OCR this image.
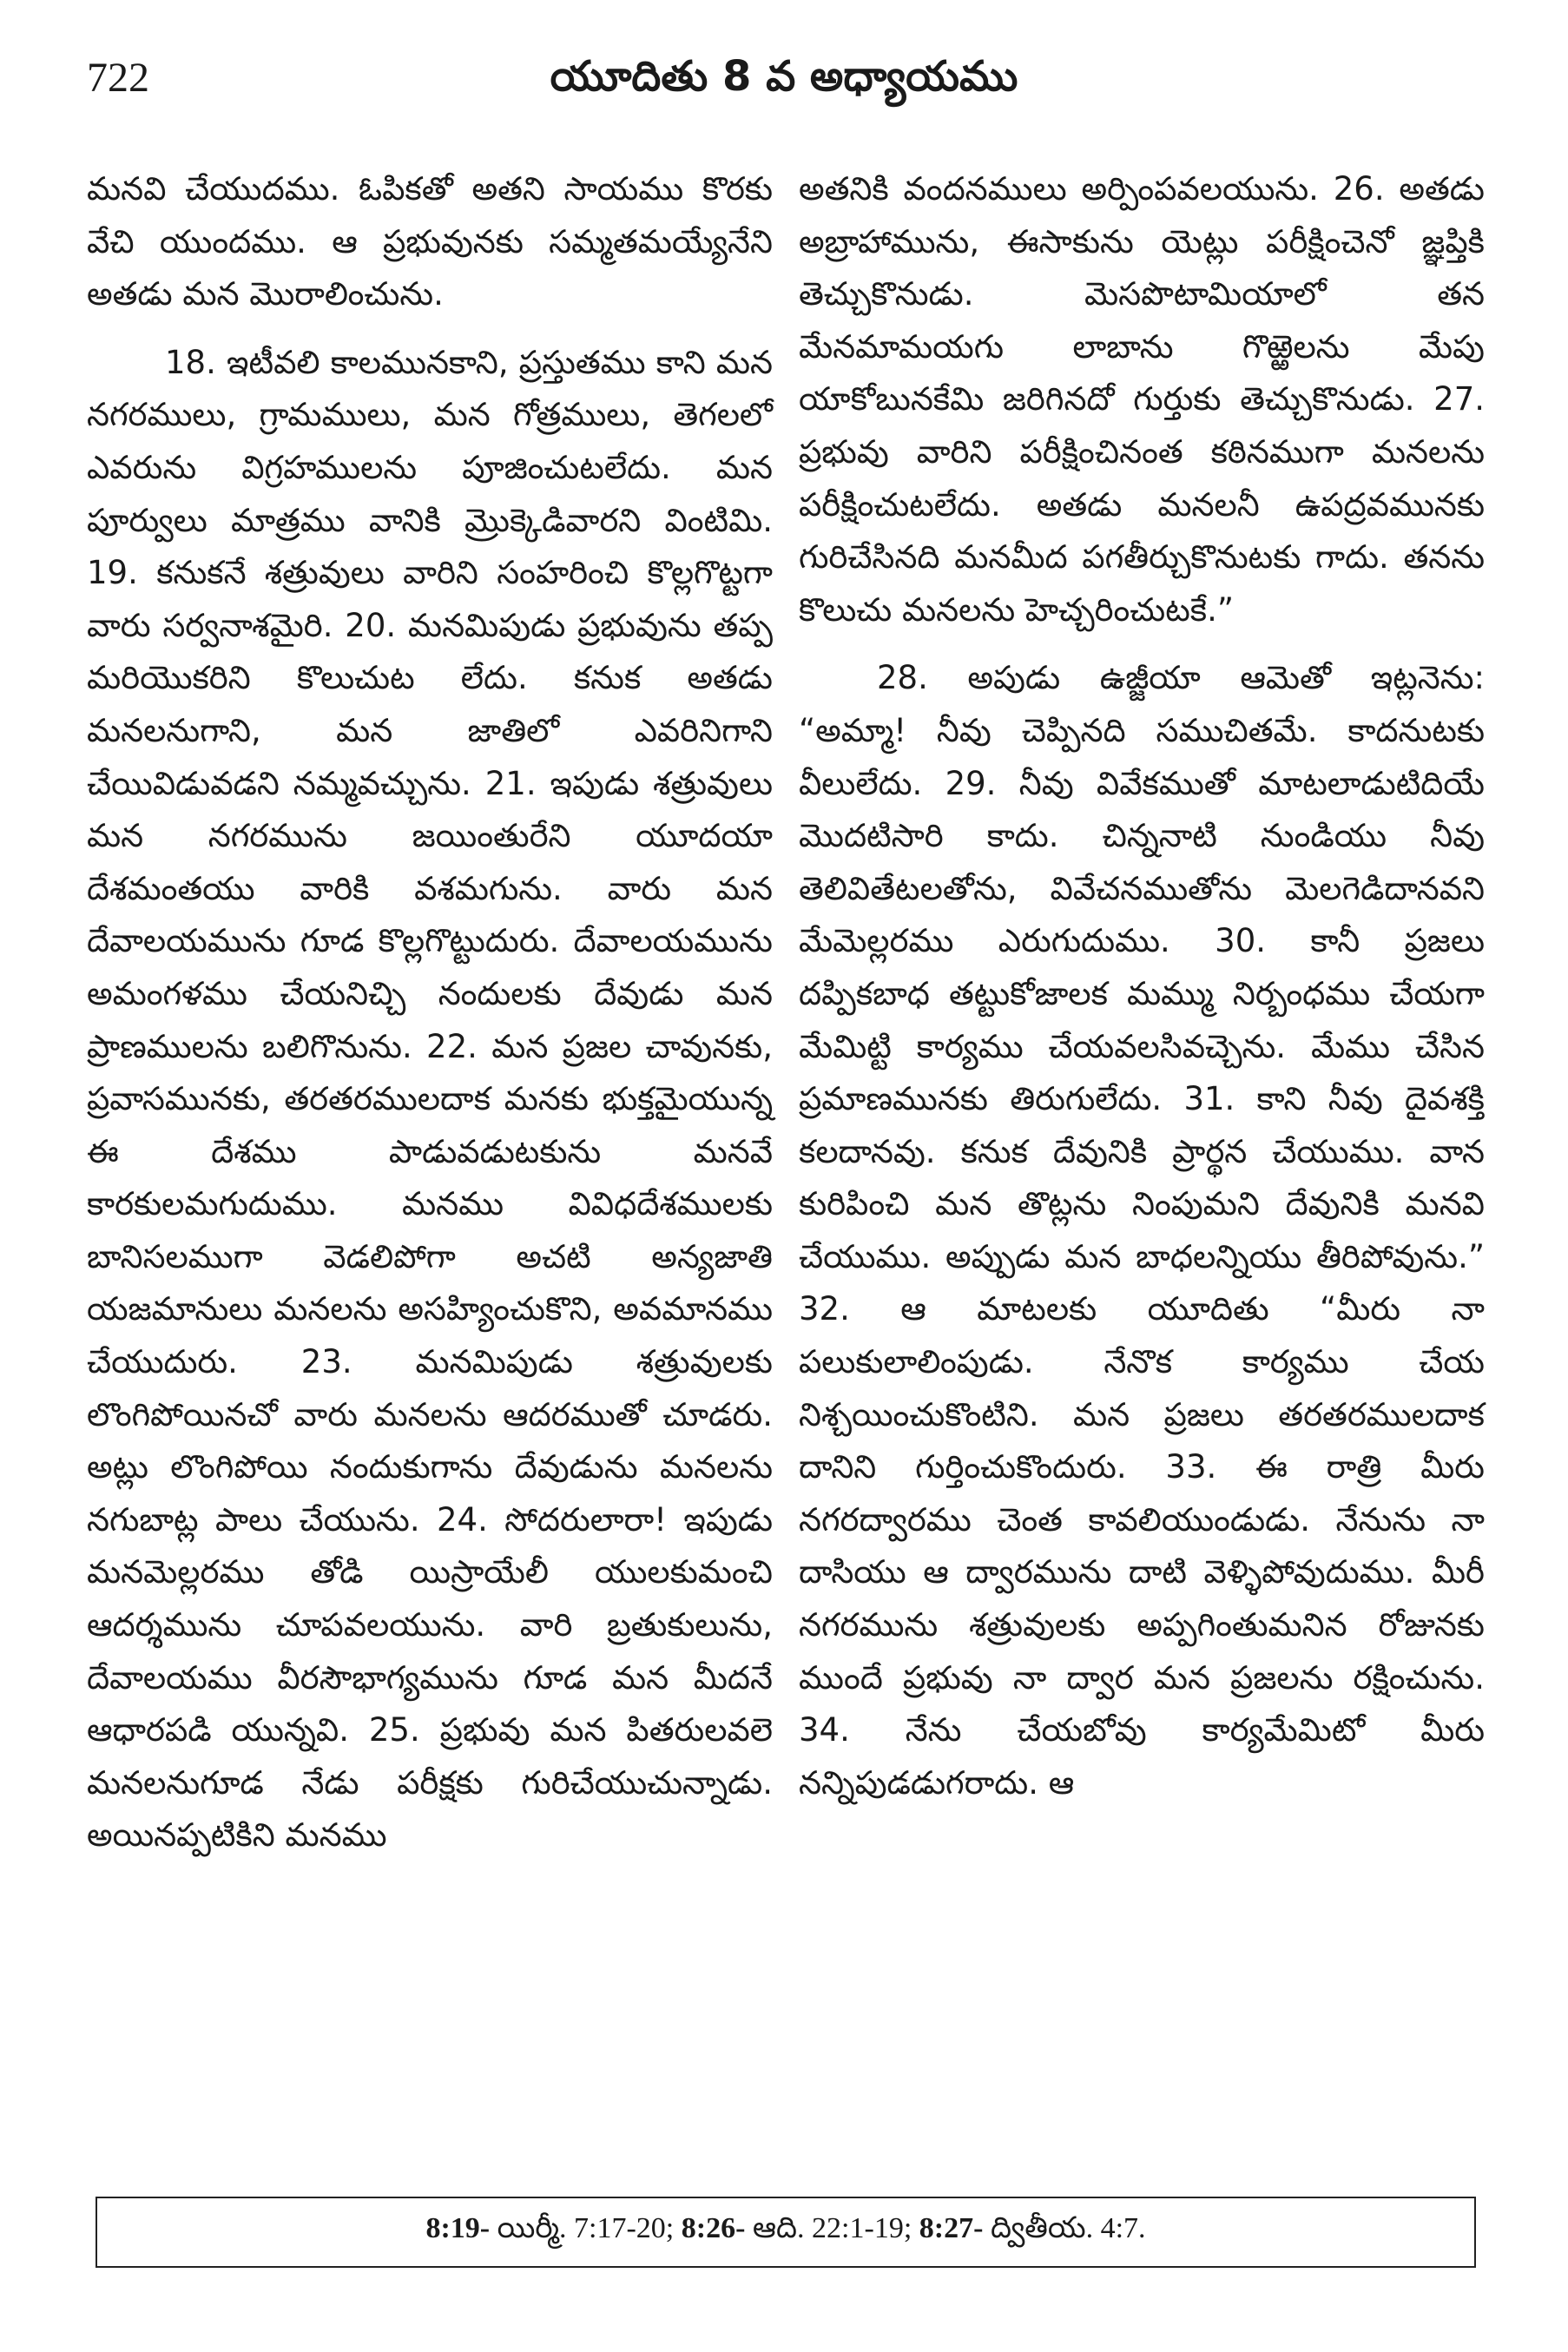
722	యూదితు 8 వ అధ్యాయము

మనవి చేయుదము. ఓపికతో అతని సాయము కొరకు వేచి యుందము. ఆ ప్రభువునకు సమ్మతమయ్యేనేని అతడు మన మొరాలించును.

18. ఇటీవలి కాలమునకాని, ప్రస్తుతము కాని మన నగరములు, గ్రామములు, మన గోత్రములు, తెగలలో ఎవరును విగ్రహములను పూజించుటలేదు. మన పూర్వులు మాత్రము వానికి మ్రొక్కెడివారని వింటిమి. 19. కనుకనే శత్రువులు వారిని సంహరించి కొల్లగొట్టగా వారు సర్వనాశమైరి. 20. మనమిపుడు ప్రభువును తప్ప మరియొకరిని కొలుచుట లేదు. కనుక అతడు మనలనుగాని, మన జాతిలో ఎవరినిగాని చేయివిడువడని నమ్మవచ్చును. 21. ఇపుడు శత్రువులు మన నగరమును జయింతురేని యూదయా దేశమంతయు వారికి వశమగును. వారు మన దేవాలయమును గూడ కొల్లగొట్టుదురు. దేవాలయమును అమంగళము చేయనిచ్చి నందులకు దేవుడు మన ప్రాణములను బలిగొనును. 22. మన ప్రజల చావునకు, ప్రవాసమునకు, తరతరములదాక మనకు భుక్తమైయున్న ఈ దేశము పాడువడుటకును మనవే కారకులమగుదుము. మనము వివిధదేశములకు బానిసలముగా వెడలిపోగా అచటి అన్యజాతి యజమానులు మనలను అసహ్యించుకొని, అవమానము చేయుదురు. 23. మనమిపుడు శత్రువులకు లొంగిపోయినచో వారు మనలను ఆదరముతో చూడరు. అట్లు లొంగిపోయి నందుకుగాను దేవుడును మనలను నగుబాట్ల పాలు చేయును. 24. సోదరులారా! ఇపుడు మనమెల్లరము తోడి యిస్రాయేలీ యులకుమంచి ఆదర్శమును చూపవలయును. వారి బ్రతుకులును, దేవాలయము వీరసౌభాగ్యమును గూడ మన మీదనే ఆధారపడి యున్నవి. 25. ప్రభువు మన పితరులవలె మనలనుగూడ నేడు పరీక్షకు గురిచేయుచున్నాడు. అయినప్పటికిని మనము

అతనికి వందనములు అర్పింపవలయును. 26. అతడు అబ్రాహామును, ఈసాకును యెట్లు పరీక్షించెనో జ్ఞప్తికి తెచ్చుకొనుడు. మెసపొటామియాలో తన మేనమామయగు లాబాను గొఱ్ఱెలను మేపు యాకోబునకేమి జరిగినదో గుర్తుకు తెచ్చుకొనుడు. 27. ప్రభువు వారిని పరీక్షించినంత కఠినముగా మనలను పరీక్షించుటలేదు. అతడు మనలనీ ఉపద్రవమునకు గురిచేసినది మనమీద పగతీర్చుకొనుటకు గాదు. తనను కొలుచు మనలను హెచ్చరించుటకే.”

28. అపుడు ఉజ్జీయా ఆమెతో ఇట్లనెను: “అమ్మా! నీవు చెప్పినది సముచితమే. కాదనుటకు వీలులేదు. 29. నీవు వివేకముతో మాటలాడుటిదియే మొదటిసారి కాదు. చిన్ననాటి నుండియు నీవు తెలివితేటలతోను, వివేచనముతోను మెలగెడిదానవని మేమెల్లరము ఎరుగుదుము. 30. కానీ ప్రజలు దప్పికబాధ తట్టుకోజాలక మమ్ము నిర్బంధము చేయగా మేమిట్టి కార్యము చేయవలసివచ్చెను. మేము చేసిన ప్రమాణమునకు తిరుగులేదు. 31. కాని నీవు దైవశక్తి కలదానవు. కనుక దేవునికి ప్రార్థన చేయుము. వాన కురిపించి మన తొట్లను నింపుమని దేవునికి మనవి చేయుము. అప్పుడు మన బాధలన్నియు తీరిపోవును.” 32. ఆ మాటలకు యూదితు “మీరు నా పలుకులాలింపుడు. నేనొక కార్యము చేయ నిశ్చయించుకొంటిని. మన ప్రజలు తరతరములదాక దానిని గుర్తించుకొందురు. 33. ఈ రాత్రి మీరు నగరద్వారము చెంత కావలియుండుడు. నేనును నా దాసియు ఆ ద్వారమును దాటి వెళ్ళిపోవుదుము. మీరీ నగరమును శత్రువులకు అప్పగింతుమనిన రోజునకు ముందే ప్రభువు నా ద్వార మన ప్రజలను రక్షించును. 34. నేను చేయబోవు కార్యమేమిటో మీరు నన్నిపుడడుగరాదు. ఆ

8:19- యిర్మీ. 7:17-20; 8:26- ఆది. 22:1-19; 8:27- ద్వితీయ. 4:7.
